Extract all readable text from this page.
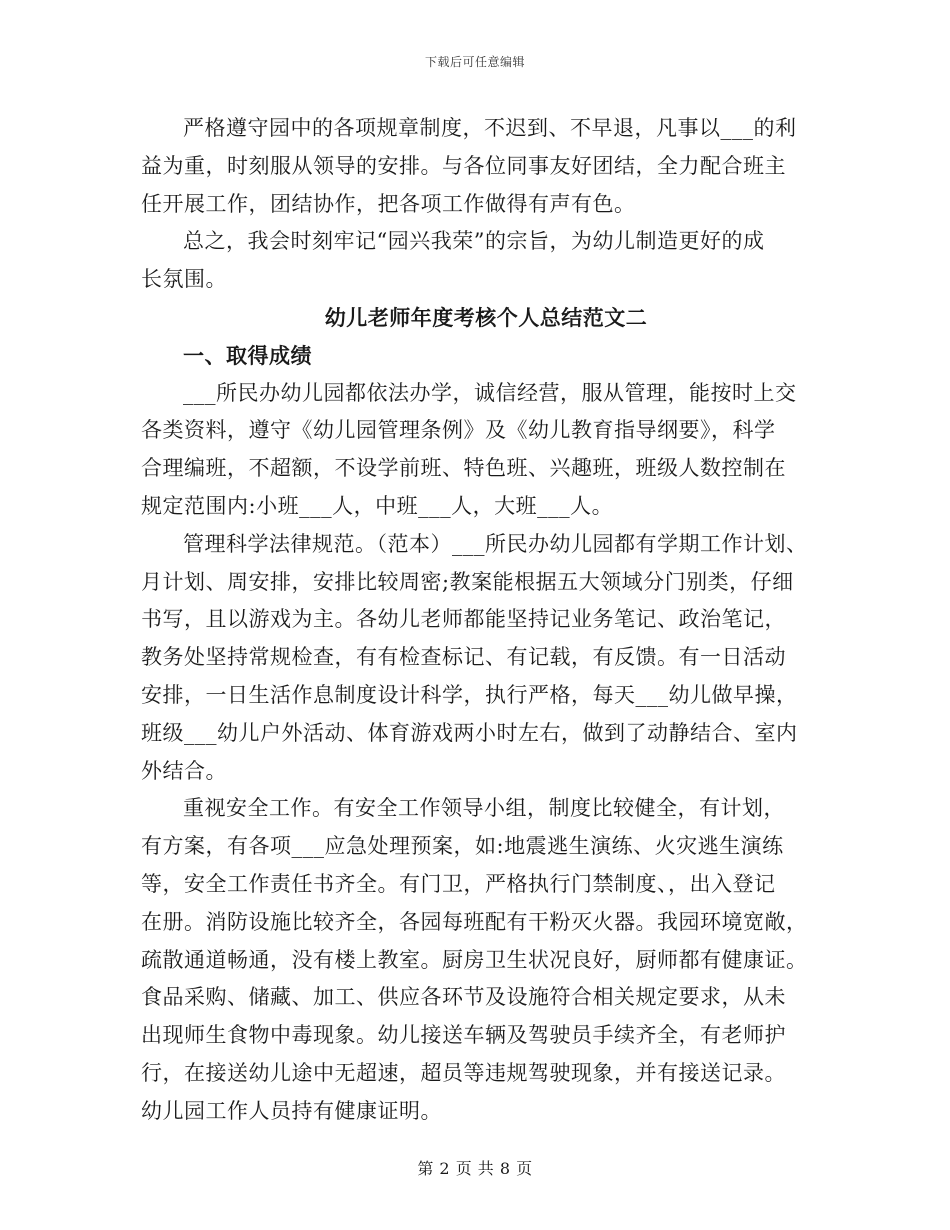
下载后可任意编辑

严格遵守园中的各项规章制度，不迟到、不早退，凡事以___的利
益为重，时刻服从领导的安排。与各位同事友好团结，全力配合班主
任开展工作，团结协作，把各项工作做得有声有色。

总之，我会时刻牢记“园兴我荣”的宗旨，为幼儿制造更好的成
长氛围。

幼儿老师年度考核个人总结范文二
一、取得成绩

___所民办幼儿园都依法办学，诚信经营，服从管理，能按时上交
各类资料，遵守《幼儿园管理条例》及《幼儿教育指导纲要》，科学
合理编班，不超额，不设学前班、特色班、兴趣班，班级人数控制在
规定范围内:小班___人，中班___人，大班___人。

管理科学法律规范。（范本）___所民办幼儿园都有学期工作计划、
月计划、周安排，安排比较周密;教案能根据五大领域分门别类，仔细
书写，且以游戏为主。各幼儿老师都能坚持记业务笔记、政治笔记，
教务处坚持常规检查，有有检查标记、有记载，有反馈。有一日活动
安排，一日生活作息制度设计科学，执行严格，每天___幼儿做早操，
班级___幼儿户外活动、体育游戏两小时左右，做到了动静结合、室内
外结合。

重视安全工作。有安全工作领导小组，制度比较健全，有计划，
有方案，有各项___应急处理预案，如:地震逃生演练、火灾逃生演练
等，安全工作责任书齐全。有门卫，严格执行门禁制度、，出入登记
在册。消防设施比较齐全，各园每班配有干粉灭火器。我园环境宽敞，
疏散通道畅通，没有楼上教室。厨房卫生状况良好，厨师都有健康证。
食品采购、储藏、加工、供应各环节及设施符合相关规定要求，从未
出现师生食物中毒现象。幼儿接送车辆及驾驶员手续齐全，有老师护
行，在接送幼儿途中无超速，超员等违规驾驶现象，并有接送记录。
幼儿园工作人员持有健康证明。

第 2 页 共 8 页
